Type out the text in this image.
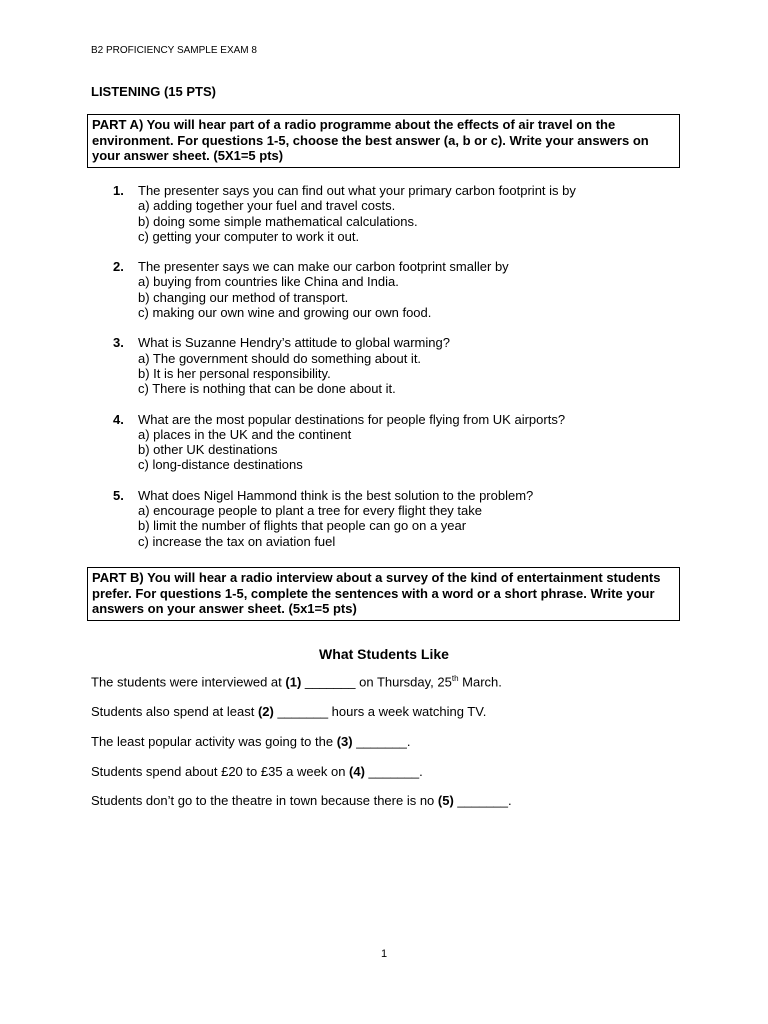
B2 PROFICIENCY SAMPLE EXAM 8
LISTENING (15 PTS)
PART A) You will hear part of a radio programme about the effects of air travel on the environment. For questions 1-5, choose the best answer (a, b or c). Write your answers on your answer sheet. (5X1=5 pts)
1.	The presenter says you can find out what your primary carbon footprint is by
a) adding together your fuel and travel costs.
b) doing some simple mathematical calculations.
c) getting your computer to work it out.
2.	The presenter says we can make our carbon footprint smaller by
a) buying from countries like China and India.
b) changing our method of transport.
c) making our own wine and growing our own food.
3.	What is Suzanne Hendry’s attitude to global warming?
a) The government should do something about it.
b) It is her personal responsibility.
c) There is nothing that can be done about it.
4.	What are the most popular destinations for people flying from UK airports?
a) places in the UK and the continent
b) other UK destinations
c) long-distance destinations
5.	What does Nigel Hammond think is the best solution to the problem?
a) encourage people to plant a tree for every flight they take
b) limit the number of flights that people can go on a year
c) increase the tax on aviation fuel
PART B) You will hear a radio interview about a survey of the kind of entertainment students prefer. For questions 1-5, complete the sentences with a word or a short phrase. Write your answers on your answer sheet. (5x1=5 pts)
What Students Like
The students were interviewed at (1) _______ on Thursday, 25th March.
Students also spend at least (2) _______ hours a week watching TV.
The least popular activity was going to the (3) _______.
Students spend about £20 to £35 a week on (4) _______.
Students don’t go to the theatre in town because there is no (5) _______.
1
